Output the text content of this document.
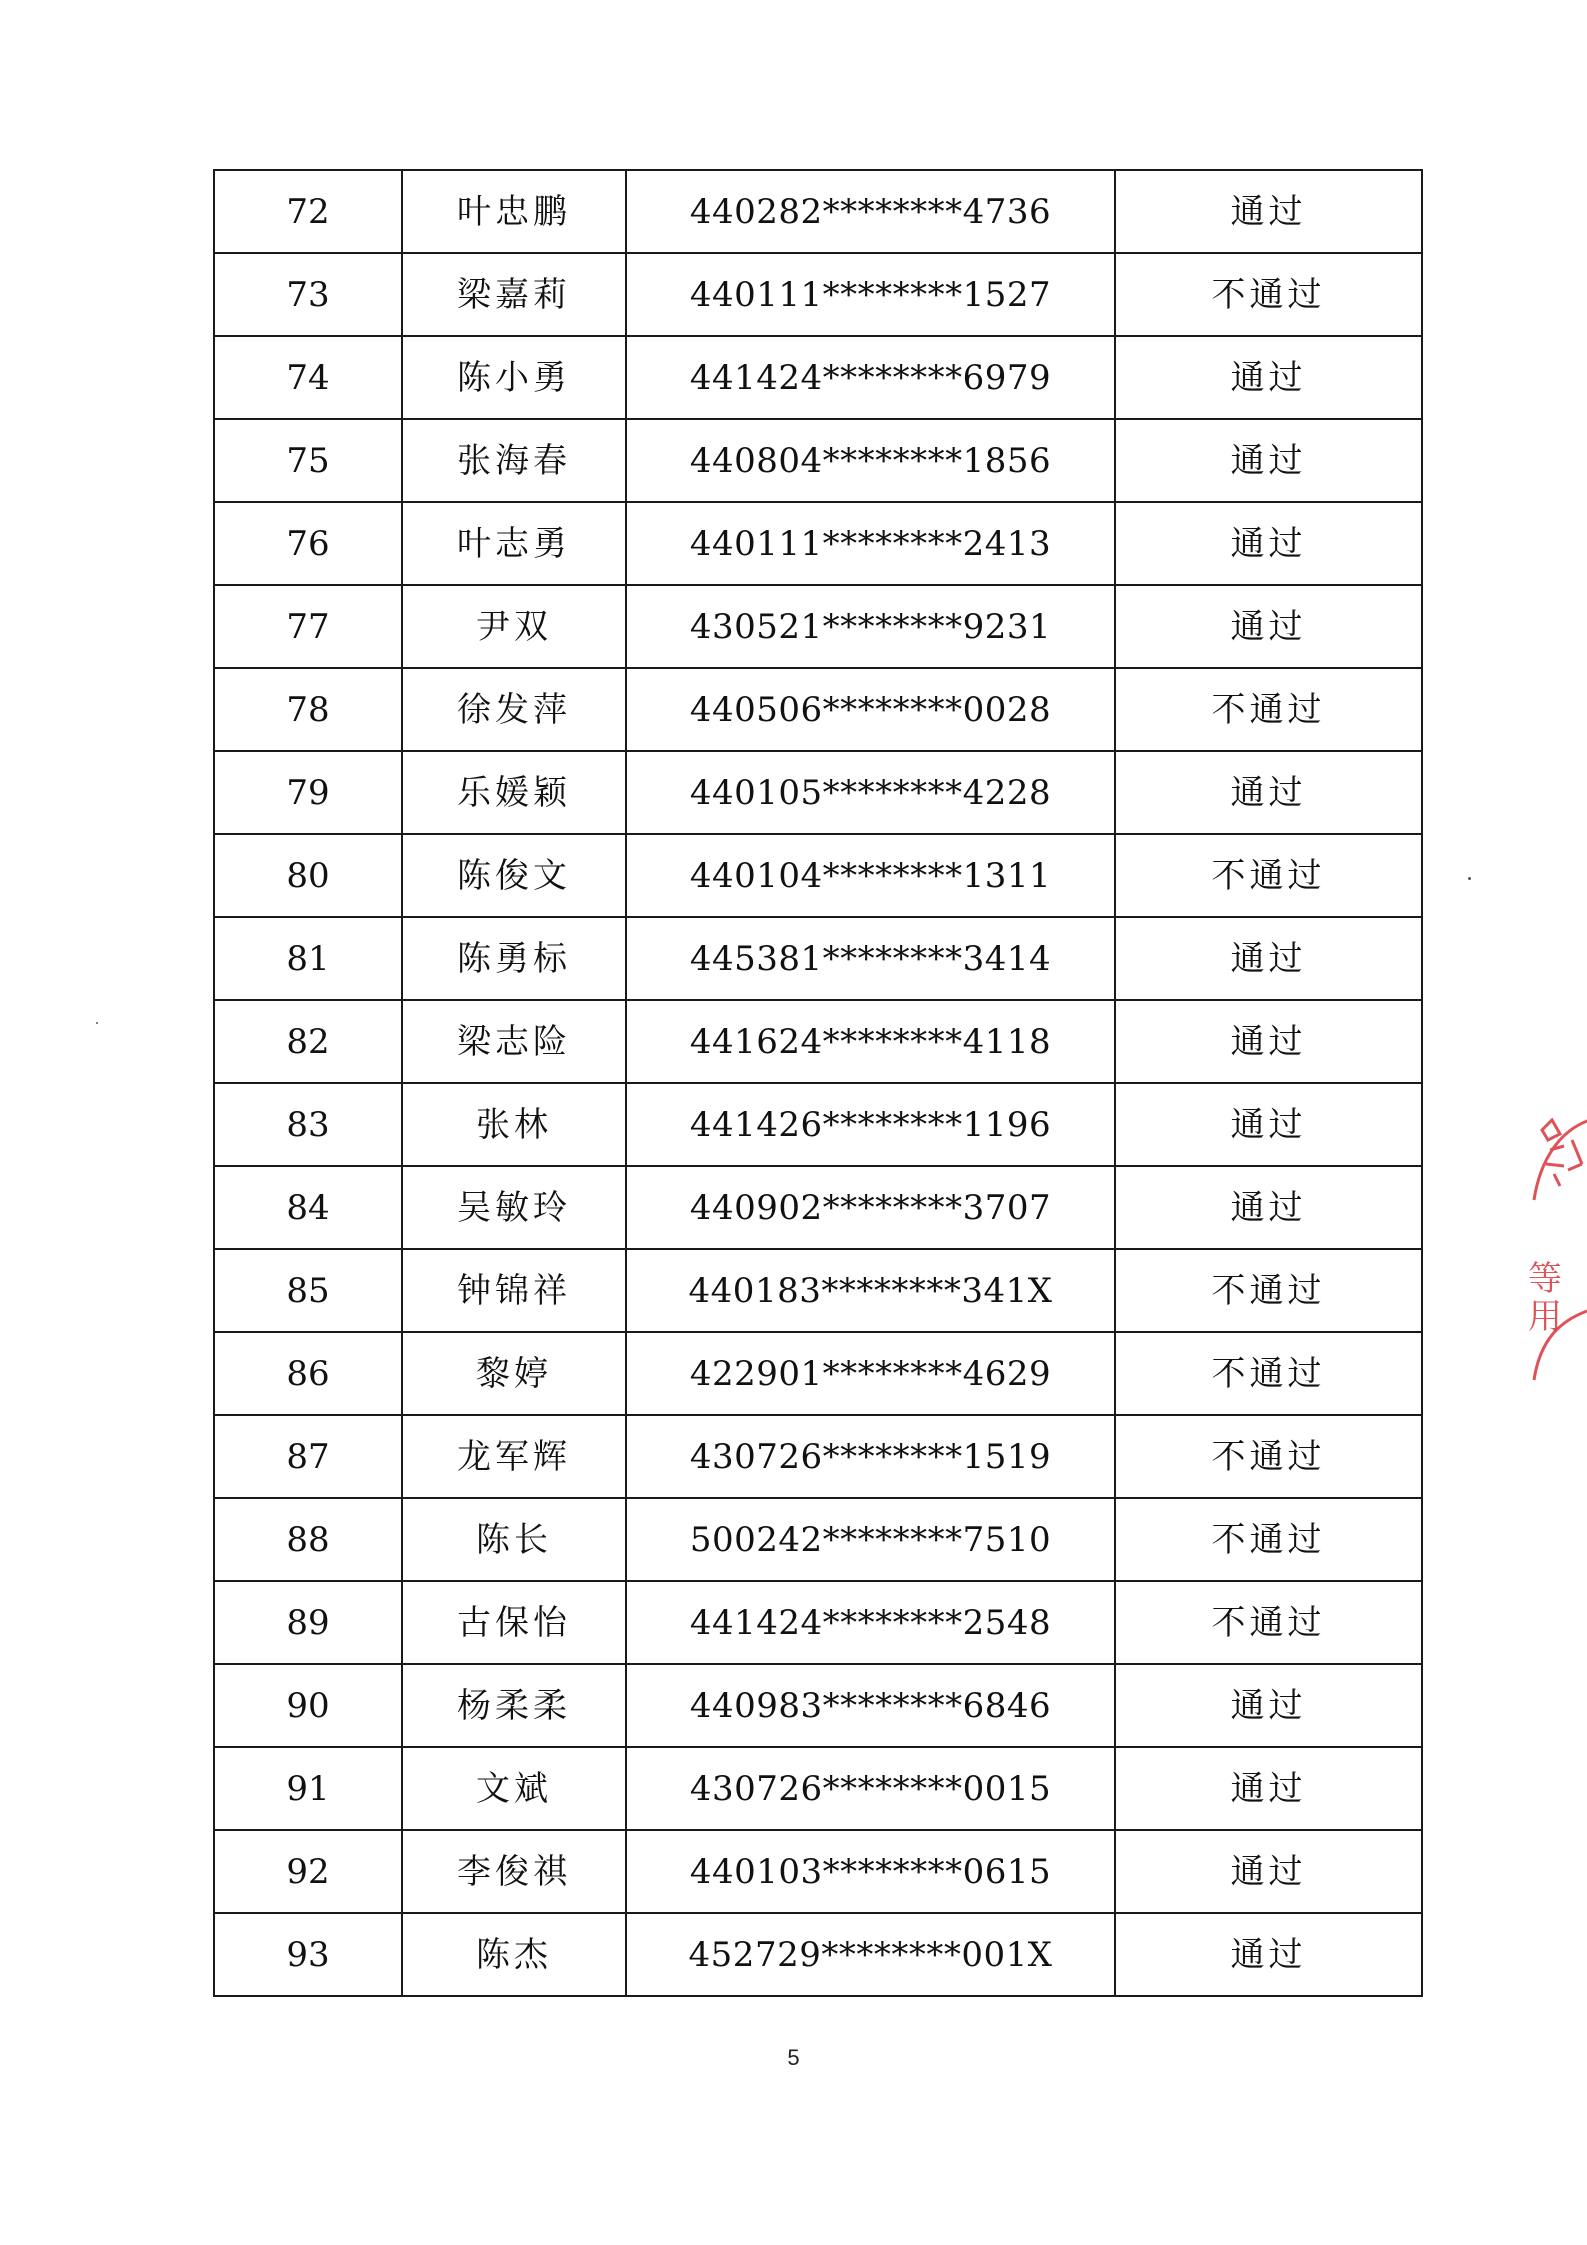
72	叶忠鹏	440282********4736	通过
73	梁嘉莉	440111********1527	不通过
74	陈小勇	441424********6979	通过
75	张海春	440804********1856	通过
76	叶志勇	440111********2413	通过
77	尹双	430521********9231	通过
78	徐发萍	440506********0028	不通过
79	乐媛颖	440105********4228	通过
80	陈俊文	440104********1311	不通过
81	陈勇标	445381********3414	通过
82	梁志险	441624********4118	通过
83	张林	441426********1196	通过
84	吴敏玲	440902********3707	通过
85	钟锦祥	440183********341X	不通过
86	黎婷	422901********4629	不通过
87	龙军辉	430726********1519	不通过
88	陈长	500242********7510	不通过
89	古保怡	441424********2548	不通过
90	杨柔柔	440983********6846	通过
91	文斌	430726********0015	通过
92	李俊祺	440103********0615	通过
93	陈杰	452729********001X	通过
5
等
用
